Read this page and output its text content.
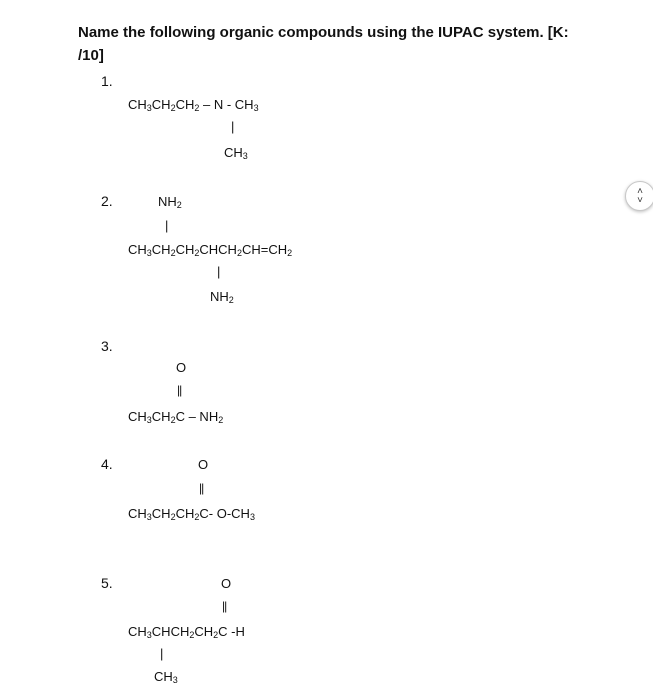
Name the following organic compounds using the IUPAC system. [K:
/10]
1.
$CH_3CH_2CH_2$ – N - $CH_3$
|
$CH_3$
2.	$NH_2$
|
$CH_3CH_2CH_2CHCH_2CH=CH_2$
|
$NH_2$
3.
O
||
$CH_3CH_2C - NH_2$
4.	O
||
$CH_3CH_2CH_2C-$ $O-CH_3$
5.	O
||
$CH_3CHCH_2CH_2C$ -H
|
$CH_3$
˄
˅
